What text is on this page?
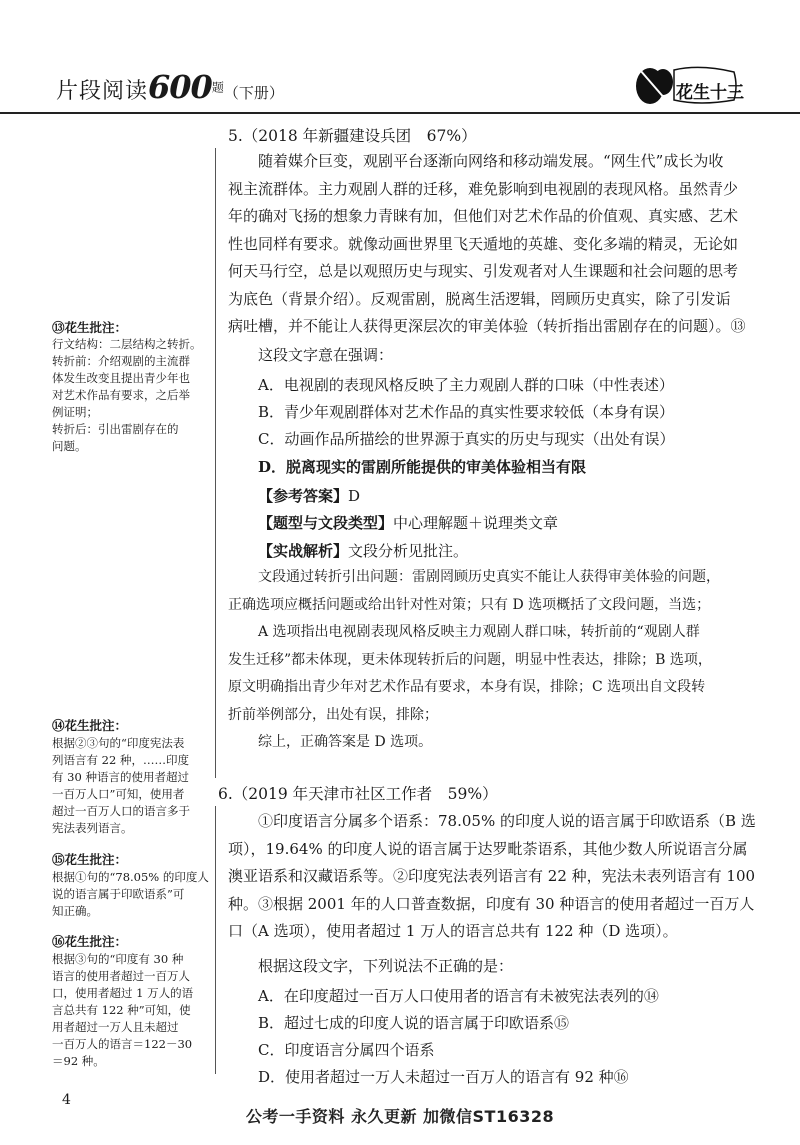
片段阅读$600^题$（下册）	花生十三
5.（2018 年新疆建设兵团　67%）
随着媒介巨变，观剧平台逐渐向网络和移动端发展。“网生代”成长为收
视主流群体。主力观剧人群的迁移，难免影响到电视剧的表现风格。虽然青少
年的确对飞扬的想象力青睐有加，但他们对艺术作品的价值观、真实感、艺术
性也同样有要求。就像动画世界里飞天遁地的英雄、变化多端的精灵，无论如
何天马行空，总是以观照历史与现实、引发观者对人生课题和社会问题的思考
为底色（背景介绍）。反观雷剧，脱离生活逻辑，罔顾历史真实，除了引发诟
病吐槽，并不能让人获得更深层次的审美体验（转折指出雷剧存在的问题）。⑬
这段文字意在强调：
A．电视剧的表现风格反映了主力观剧人群的口味（中性表述）
B．青少年观剧群体对艺术作品的真实性要求较低（本身有误）
C．动画作品所描绘的世界源于真实的历史与现实（出处有误）
D．脱离现实的雷剧所能提供的审美体验相当有限
【参考答案】D
【题型与文段类型】中心理解题＋说理类文章
【实战解析】文段分析见批注。
文段通过转折引出问题：雷剧罔顾历史真实不能让人获得审美体验的问题，
正确选项应概括问题或给出针对性对策；只有 D 选项概括了文段问题，当选；
A 选项指出电视剧表现风格反映主力观剧人群口味，转折前的“观剧人群
发生迁移”都未体现，更未体现转折后的问题，明显中性表达，排除；B 选项，
原文明确指出青少年对艺术作品有要求，本身有误，排除；C 选项出自文段转
折前举例部分，出处有误，排除；
综上，正确答案是 D 选项。
6.（2019 年天津市社区工作者　59%）
①印度语言分属多个语系：78.05% 的印度人说的语言属于印欧语系（B 选
项），19.64% 的印度人说的语言属于达罗毗荼语系，其他少数人所说语言分属
澳亚语系和汉藏语系等。②印度宪法表列语言有 22 种，宪法未表列语言有 100
种。③根据 2001 年的人口普查数据，印度有 30 种语言的使用者超过一百万人
口（A 选项），使用者超过 1 万人的语言总共有 122 种（D 选项）。
根据这段文字，下列说法不正确的是：
A．在印度超过一百万人口使用者的语言有未被宪法表列的⑭
B．超过七成的印度人说的语言属于印欧语系⑮
C．印度语言分属四个语系
D．使用者超过一万人未超过一百万人的语言有 92 种⑯
⑬花生批注：
行文结构：二层结构之转折。
转折前：介绍观剧的主流群
体发生改变且提出青少年也
对艺术作品有要求，之后举
例证明；
转折后：引出雷剧存在的
问题。
⑭花生批注：
根据②③句的“印度宪法表
列语言有 22 种，……印度
有 30 种语言的使用者超过
一百万人口”可知，使用者
超过一百万人口的语言多于
宪法表列语言。
⑮花生批注：
根据①句的“78.05% 的印度人
说的语言属于印欧语系”可
知正确。
⑯花生批注：
根据③句的“印度有 30 种
语言的使用者超过一百万人
口，使用者超过 1 万人的语
言总共有 122 种”可知，使
用者超过一万人且未超过
一百万人的语言＝122－30
＝92 种。
4
公考一手资料 永久更新 加微信ST16328
